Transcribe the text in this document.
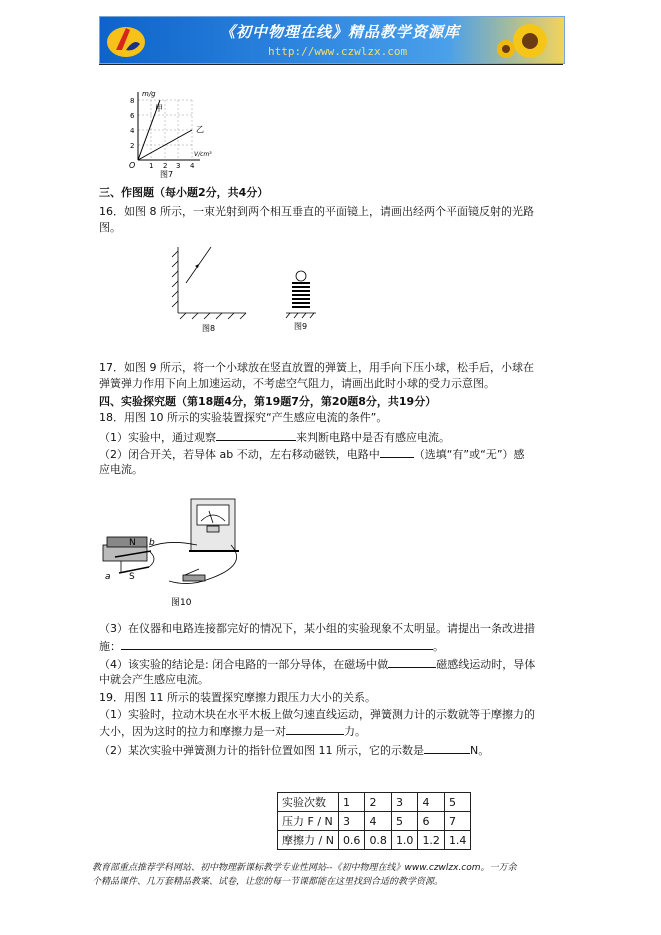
《初中物理在线》精品教学资源库
http://www.czwlzx.com
m/g
V/cm³
O
8
6
4
2
1 2 3 4
甲
乙
图7
三、作图题（每小题2分，共4分）
16．如图 8 所示，一束光射到两个相互垂直的平面镜上，请画出经两个平面镜反射的光路
图。
图8	图9
17．如图 9 所示，将一个小球放在竖直放置的弹簧上，用手向下压小球，松手后，小球在
弹簧弹力作用下向上加速运动，不考虑空气阻力，请画出此时小球的受力示意图。
四、实验探究题（第18题4分，第19题7分，第20题8分，共19分）
18．用图 10 所示的实验装置探究“产生感应电流的条件”。
（1）实验中，通过观察	来判断电路中是否有感应电流。
（2）闭合开关，若导体 ab 不动，左右移动磁铁，电路中	（选填“有”或“无”）感
应电流。
N
S
a
b
图10
（3）在仪器和电路连接都完好的情况下，某小组的实验现象不太明显。请提出一条改进措
施：	。
（4）该实验的结论是: 闭合电路的一部分导体，在磁场中做	磁感线运动时，导体
中就会产生感应电流。
19．用图 11 所示的装置探究摩擦力跟压力大小的关系。
（1）实验时，拉动木块在水平木板上做匀速直线运动，弹簧测力计的示数就等于摩擦力的
大小，因为这时的拉力和摩擦力是一对	力。
（2）某次实验中弹簧测力计的指针位置如图 11 所示，它的示数是	N。
实验次数	1	2	3	4	5
压力 F / N	3	4	5	6	7
摩擦力 / N	0.6	0.8	1.0	1.2	1.4
教育部重点推荐学科网站、初中物理新课标教学专业性网站--《初中物理在线》www.czwlzx.com。一万余
个精品课件、几万套精品教案、试卷，让您的每一节课都能在这里找到合适的教学资源。
